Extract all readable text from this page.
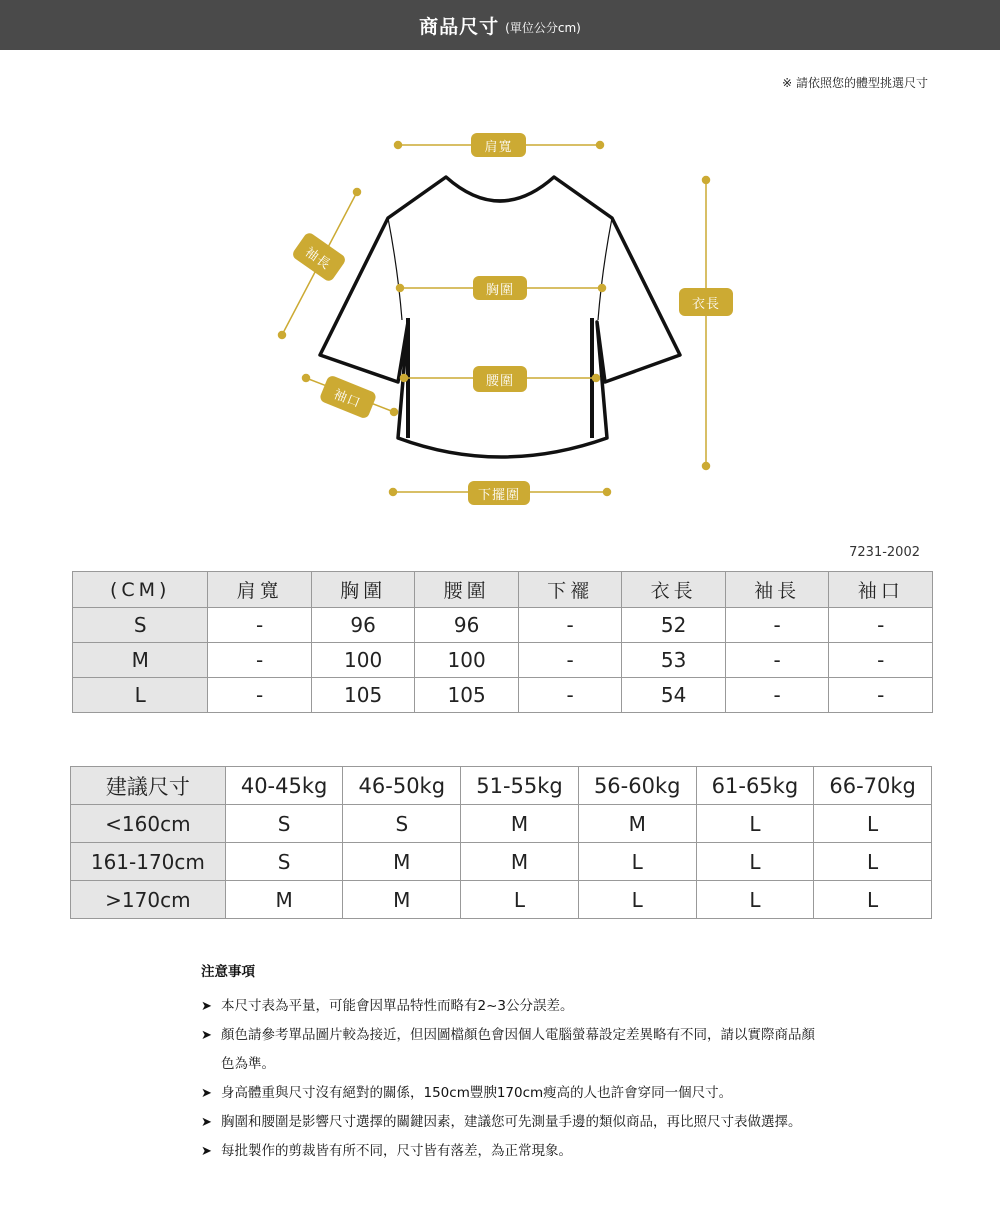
商品尺寸 (單位公分cm)
※ 請依照您的體型挑選尺寸
肩寬
袖長
胸圍
衣長
腰圍
袖口
下擺圍
7231-2002
(CM)	肩寬	胸圍	腰圍	下襬	衣長	袖長	袖口
S	-	96	96	-	52	-	-
M	-	100	100	-	53	-	-
L	-	105	105	-	54	-	-
建議尺寸	40-45kg	46-50kg	51-55kg	56-60kg	61-65kg	66-70kg
<160cm	S	S	M	M	L	L
161-170cm	S	M	M	L	L	L
>170cm	M	M	L	L	L	L
注意事項
➤ 本尺寸表為平量，可能會因單品特性而略有2~3公分誤差。
➤ 顏色請參考單品圖片較為接近，但因圖檔顏色會因個人電腦螢幕設定差異略有不同，請以實際商品顏色為準。
➤ 身高體重與尺寸沒有絕對的關係，150cm豐腴170cm瘦高的人也許會穿同一個尺寸。
➤ 胸圍和腰圍是影響尺寸選擇的關鍵因素，建議您可先測量手邊的類似商品，再比照尺寸表做選擇。
➤ 每批製作的剪裁皆有所不同，尺寸皆有落差，為正常現象。
